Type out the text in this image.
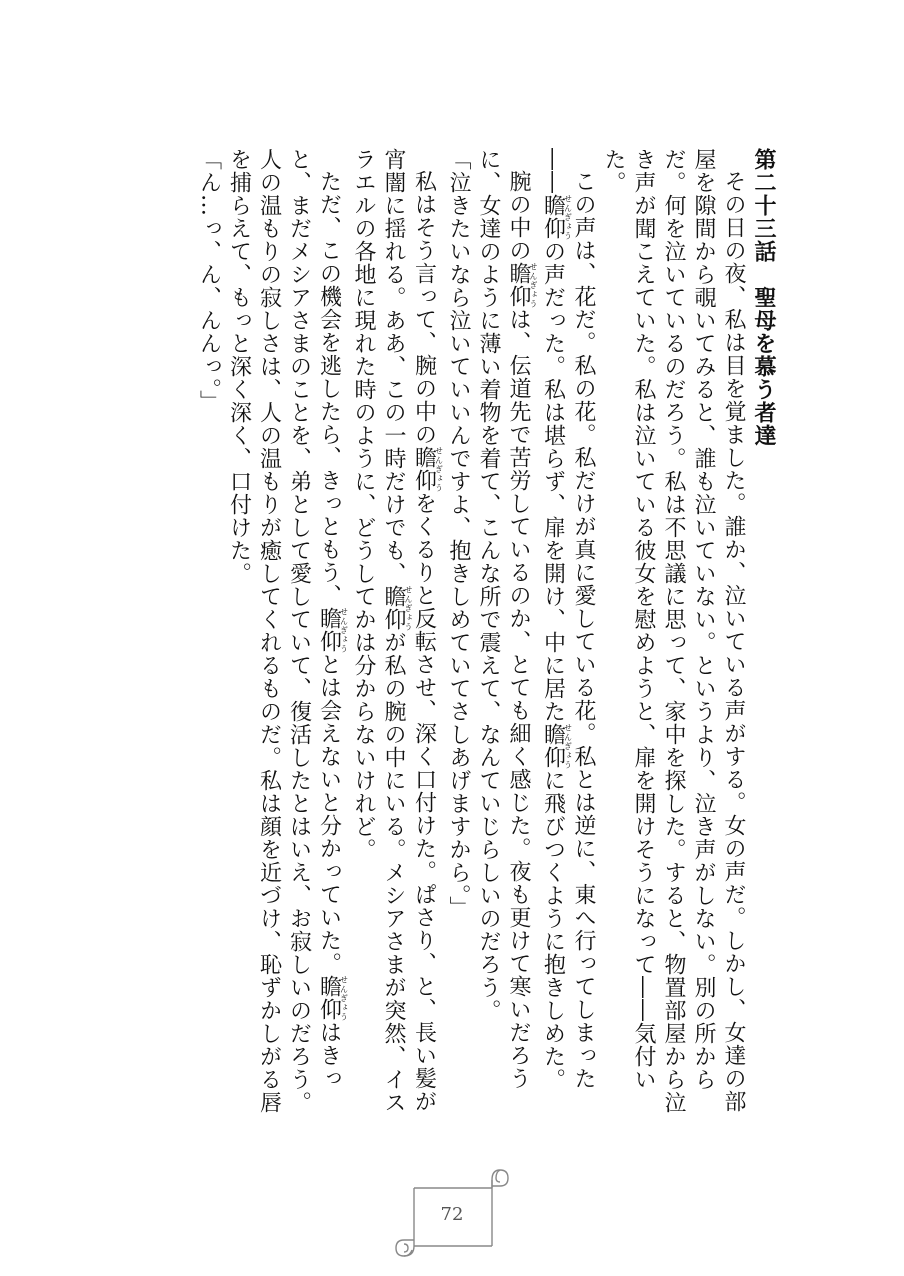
第二十三話　聖母を慕う者達

その日の夜、私は目を覚ました。誰か、泣いている声がする。女の声だ。しかし、女達の部屋を隙間から覗いてみると、誰も泣いていない。というより、泣き声がしない。別の所からだ。何を泣いているのだろう。私は不思議に思って、家中を探した。すると、物置部屋から泣き声が聞こえていた。私は泣いている彼女を慰めようと、扉を開けそうになって――気付いた。

この声は、花だ。私の花。私だけが真に愛している花。私とは逆に、東へ行ってしまった――瞻仰せんぎょうの声だった。私は堪らず、扉を開け、中に居た瞻仰せんぎょうに飛びつくように抱きしめた。

腕の中の瞻仰せんぎょうは、伝道先で苦労しているのか、とても細く感じた。夜も更けて寒いだろうに、女達のように薄い着物を着て、こんな所で震えて、なんていじらしいのだろう。

「泣きたいなら泣いていいんですよ、抱きしめていてさしあげますから。」

私はそう言って、腕の中の瞻仰せんぎょうをくるりと反転させ、深く口付けた。ぱさり、と、長い髪が宵闇に揺れる。ああ、この一時だけでも、瞻仰せんぎょうが私の腕の中にいる。メシアさまが突然、イスラエルの各地に現れた時のように、どうしてかは分からないけれど。

ただ、この機会を逃したら、きっともう、瞻仰せんぎょうとは会えないと分かっていた。瞻仰せんぎょうはきっと、まだメシアさまのことを、弟として愛していて、復活したとはいえ、お寂しいのだろう。人の温もりの寂しさは、人の温もりが癒してくれるものだ。私は顔を近づけ、恥ずかしがる唇を捕らえて、もっと深く深く、口付けた。

「ん…っ、ん、んんっ。」

72
